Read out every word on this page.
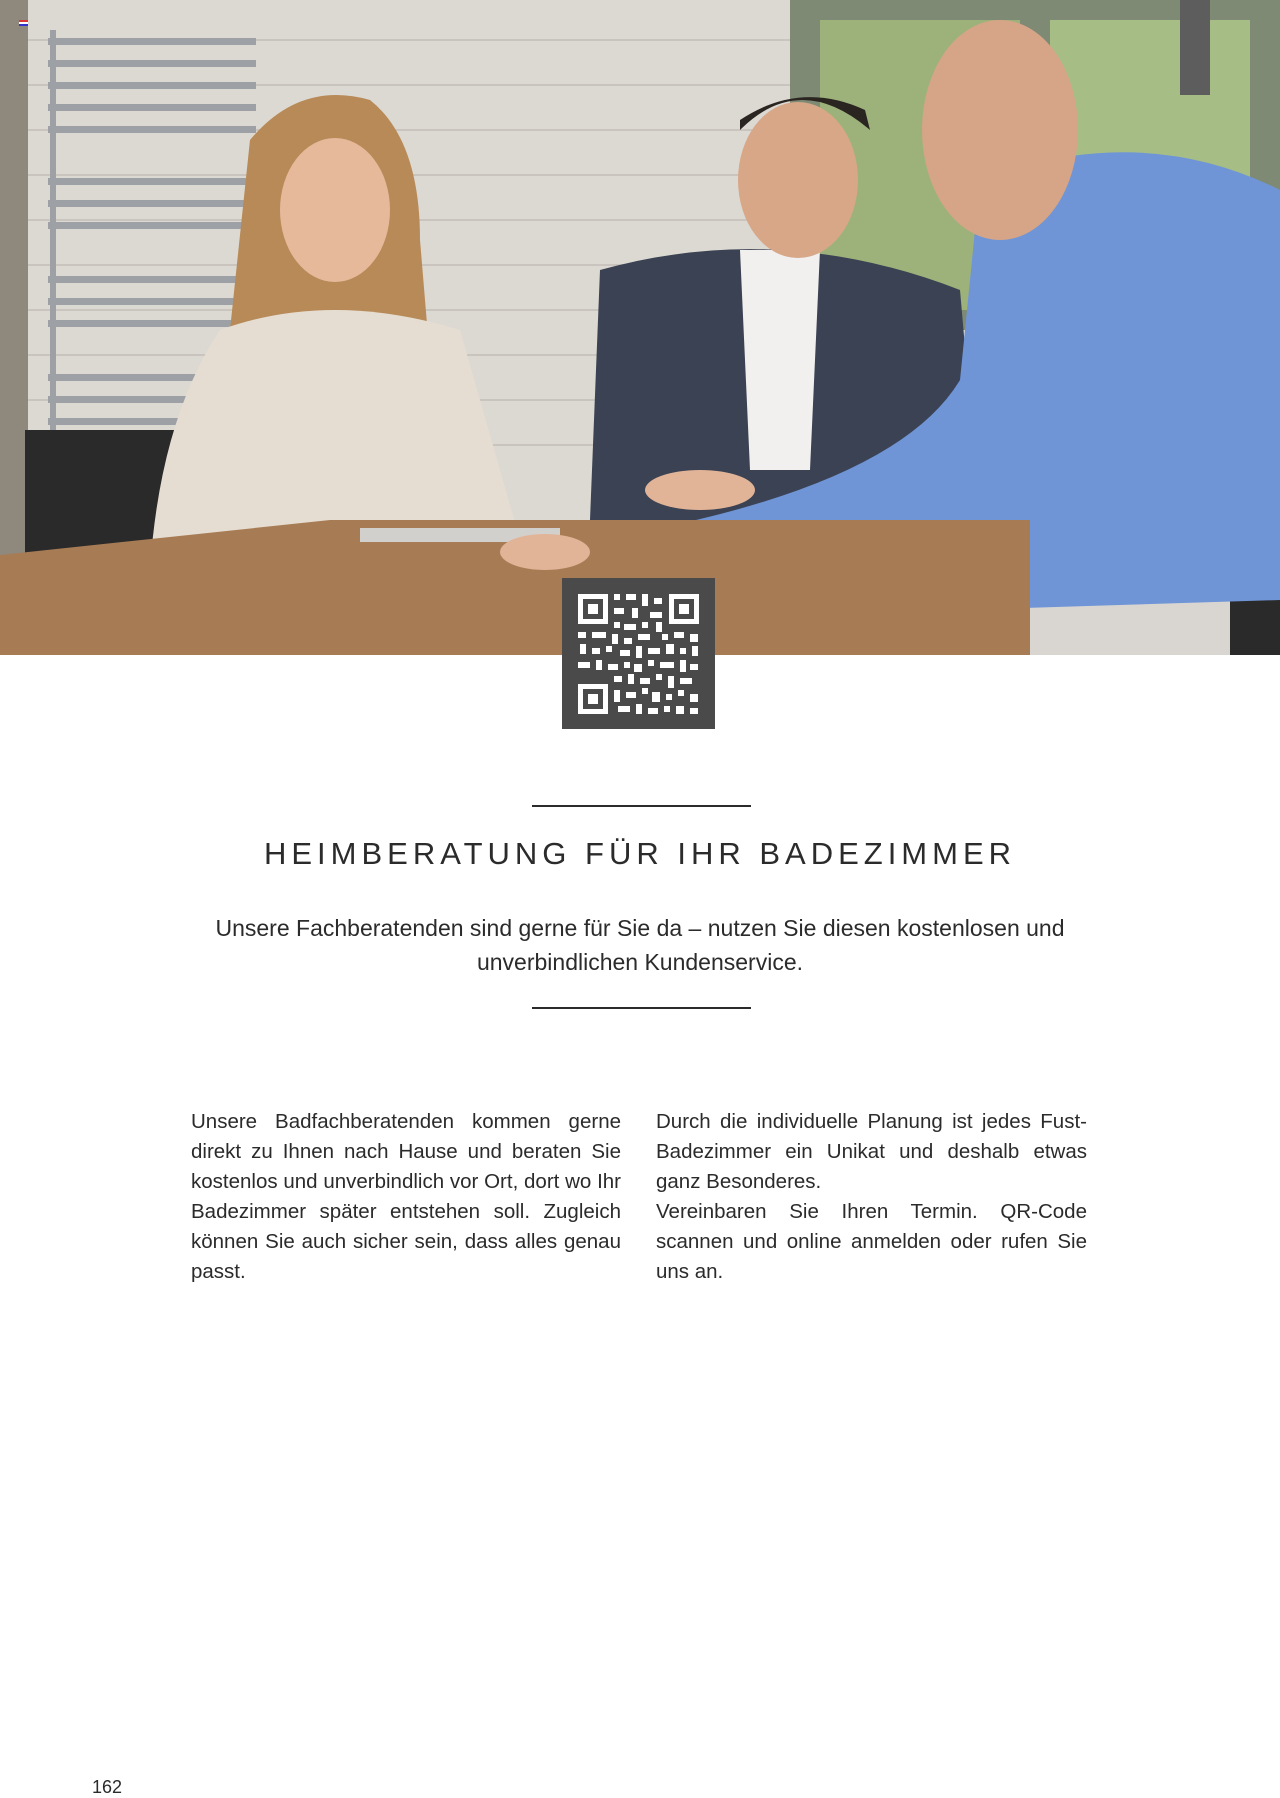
HEIMBERATUNG FÜR IHR BADEZIMMER

Unsere Fachberatenden sind gerne für Sie da – nutzen Sie diesen kostenlosen und unverbindlichen Kundenservice.

Unsere Badfachberatenden kommen gerne direkt zu Ihnen nach Hause und beraten Sie kostenlos und unverbindlich vor Ort, dort wo Ihr Badezimmer später entstehen soll. Zugleich können Sie auch sicher sein, dass alles genau passt.

Durch die individuelle Planung ist jedes Fust-Badezimmer ein Unikat und deshalb etwas ganz Besonderes.

Vereinbaren Sie Ihren Termin. QR-Code scannen und online anmelden oder rufen Sie uns an.

162
